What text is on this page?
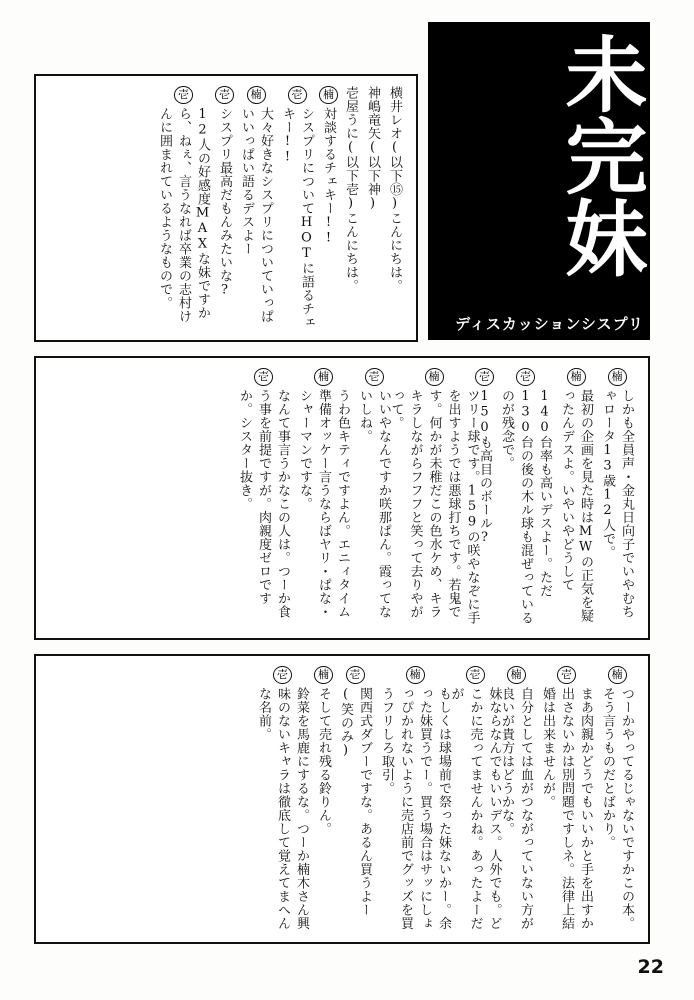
未完妹
ディスカッションシスプリ
横井レオ(以下⑮)こんにちは。
神嶋竜矢(以下神)
壱屋うに(以下壱)こんにちは。
楠
対談するチェキー!!
壱
シスプリについてHOTに語るチェキー!!
楠
大々好きなシスプリについていっぱいいっぱい語るデスよー
壱
シスプリ最高だもんみたいな?
壱
12人の好感度MAXな妹ですから、ねぇ、言うなれば卒業の志村けんに囲まれているようなもので。
楠
しかも全員声・金丸日向子でいやむちゃロータ13歳12人で。
楠
最初の企画を見た時はMWの正気を疑ったんデスよ。いやいやどうして
壱
140台率も高いデスよー。ただ130台の後の木ル球も混ぜっているのが残念で。
壱
150も高目のボール?
楠
ツリー球です。159の咲やなぞに手を出すようでは悪球打ちです。若鬼です。何かが未稚だこの色水ケめ、キラキラしながらフフフと笑って去りやがって。
壱
いいやなんですか咲那ぱん。霞ってないしね。
楠
うわ色キティですよん。エニィタイム準備オッケー言うならばヤリ・ぱな・シャーマンですな。
壱
なんて事言うかなこの人は。つーか食う事を前提ですが。肉親度ゼロですか。シスター抜き。
楠
つーかやってるじゃないですかこの本。そう言うものだとばかり。
壱
まあ肉親かどうでもいいかと手を出すか出さないかは別問題ですしネ。法律上結婚は出来ませんが。
楠
自分としては血がつながっていない方が良いが貴方はどうかな。
壱
妹ならなんでもいいデス。人外でも。どこかに売ってませんかね。あったよーだが
楠
もしくは球場前で祭った妹ないかー。余った妹買うでー。買う場合はサッにしょっぴかれないように売店前でグッズを買うフリしろ取引。
壱
関西式ダブーですな。あるん買うよー(笑のみ)
楠
そして売れ残る鈴りん。
壱
鈴菜を馬鹿にするな。つーか楠木さん興味のないキャラは徹底して覚えてまへんな名前。
22
